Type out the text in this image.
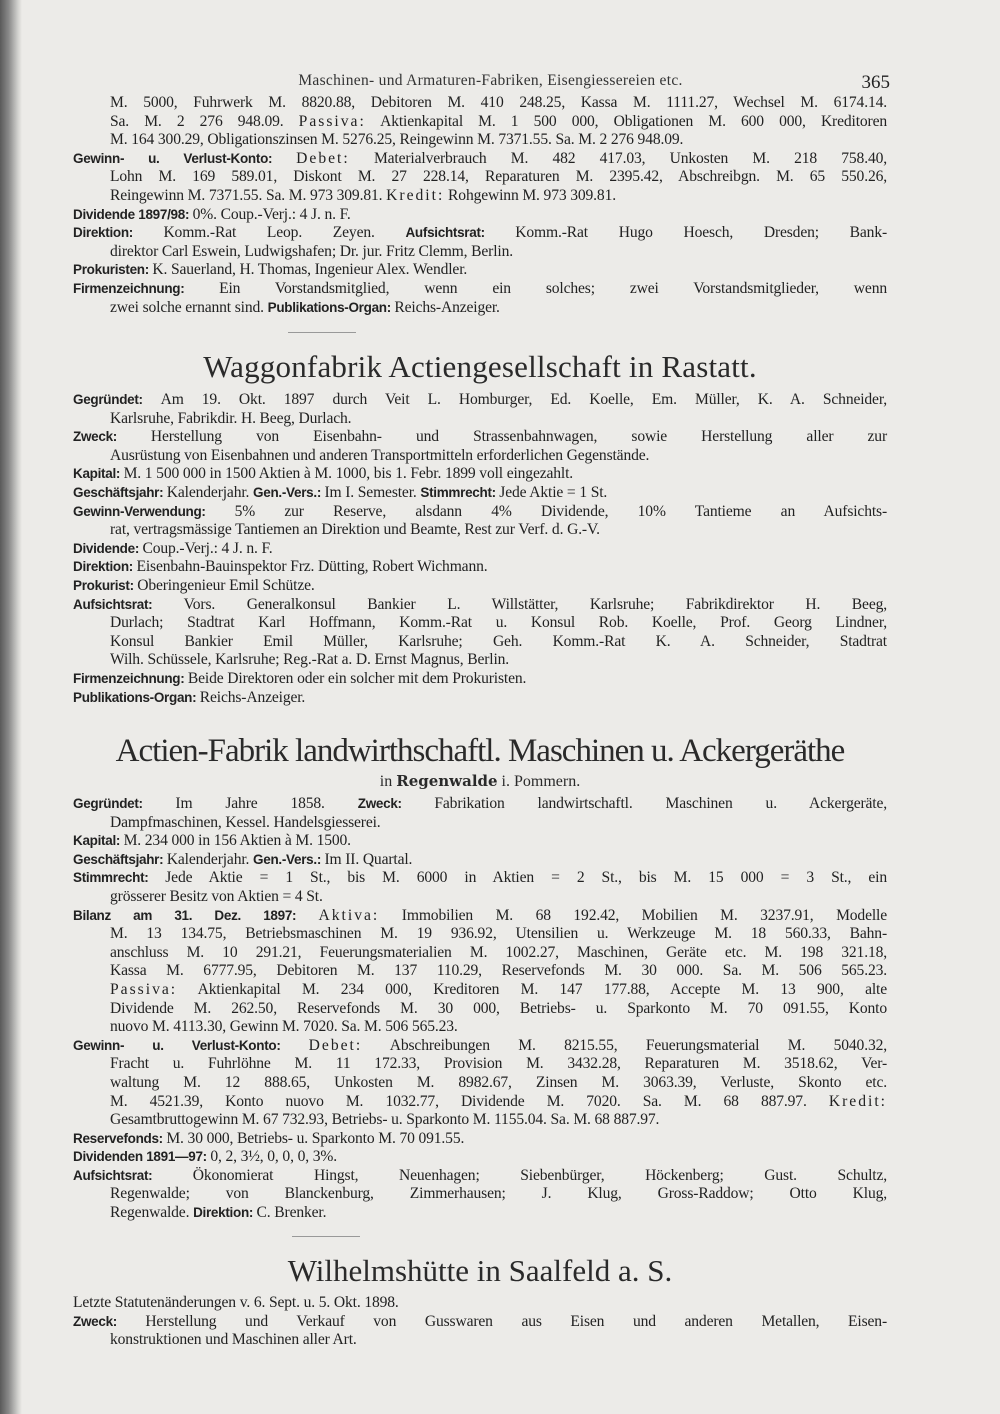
Maschinen- und Armaturen-Fabriken, Eisengiessereien etc.	365
M. 5000, Fuhrwerk M. 8820.88, Debitoren M. 410 248.25, Kassa M. 1111.27, Wechsel M. 6174.14.
Sa. M. 2 276 948.09. Passiva: Aktienkapital M. 1 500 000, Obligationen M. 600 000, Kreditoren
M. 164 300.29, Obligationszinsen M. 5276.25, Reingewinn M. 7371.55. Sa. M. 2 276 948.09.
Gewinn- u. Verlust-Konto: Debet: Materialverbrauch M. 482 417.03, Unkosten M. 218 758.40,
Lohn M. 169 589.01, Diskont M. 27 228.14, Reparaturen M. 2395.42, Abschreibgn. M. 65 550.26,
Reingewinn M. 7371.55. Sa. M. 973 309.81. Kredit: Rohgewinn M. 973 309.81.
Dividende 1897/98: 0%. Coup.-Verj.: 4 J. n. F.
Direktion: Komm.-Rat Leop. Zeyen. Aufsichtsrat: Komm.-Rat Hugo Hoesch, Dresden; Bank-
direktor Carl Eswein, Ludwigshafen; Dr. jur. Fritz Clemm, Berlin.
Prokuristen: K. Sauerland, H. Thomas, Ingenieur Alex. Wendler.
Firmenzeichnung: Ein Vorstandsmitglied, wenn ein solches; zwei Vorstandsmitglieder, wenn
zwei solche ernannt sind. Publikations-Organ: Reichs-Anzeiger.
Waggonfabrik Actiengesellschaft in Rastatt.
Gegründet: Am 19. Okt. 1897 durch Veit L. Homburger, Ed. Koelle, Em. Müller, K. A. Schneider,
Karlsruhe, Fabrikdir. H. Beeg, Durlach.
Zweck: Herstellung von Eisenbahn- und Strassenbahnwagen, sowie Herstellung aller zur
Ausrüstung von Eisenbahnen und anderen Transportmitteln erforderlichen Gegenstände.
Kapital: M. 1 500 000 in 1500 Aktien à M. 1000, bis 1. Febr. 1899 voll eingezahlt.
Geschäftsjahr: Kalenderjahr. Gen.-Vers.: Im I. Semester. Stimmrecht: Jede Aktie = 1 St.
Gewinn-Verwendung: 5% zur Reserve, alsdann 4% Dividende, 10% Tantieme an Aufsichts-
rat, vertragsmässige Tantiemen an Direktion und Beamte, Rest zur Verf. d. G.-V.
Dividende: Coup.-Verj.: 4 J. n. F.
Direktion: Eisenbahn-Bauinspektor Frz. Dütting, Robert Wichmann.
Prokurist: Oberingenieur Emil Schütze.
Aufsichtsrat: Vors. Generalkonsul Bankier L. Willstätter, Karlsruhe; Fabrikdirektor H. Beeg,
Durlach; Stadtrat Karl Hoffmann, Komm.-Rat u. Konsul Rob. Koelle, Prof. Georg Lindner,
Konsul Bankier Emil Müller, Karlsruhe; Geh. Komm.-Rat K. A. Schneider, Stadtrat
Wilh. Schüssele, Karlsruhe; Reg.-Rat a. D. Ernst Magnus, Berlin.
Firmenzeichnung: Beide Direktoren oder ein solcher mit dem Prokuristen.
Publikations-Organ: Reichs-Anzeiger.
Actien-Fabrik landwirthschaftl. Maschinen u. Ackergeräthe
in Regenwalde i. Pommern.
Gegründet: Im Jahre 1858. Zweck: Fabrikation landwirtschaftl. Maschinen u. Ackergeräte,
Dampfmaschinen, Kessel. Handelsgiesserei.
Kapital: M. 234 000 in 156 Aktien à M. 1500.
Geschäftsjahr: Kalenderjahr. Gen.-Vers.: Im II. Quartal.
Stimmrecht: Jede Aktie = 1 St., bis M. 6000 in Aktien = 2 St., bis M. 15 000 = 3 St., ein
grösserer Besitz von Aktien = 4 St.
Bilanz am 31. Dez. 1897: Aktiva: Immobilien M. 68 192.42, Mobilien M. 3237.91, Modelle
M. 13 134.75, Betriebsmaschinen M. 19 936.92, Utensilien u. Werkzeuge M. 18 560.33, Bahn-
anschluss M. 10 291.21, Feuerungsmaterialien M. 1002.27, Maschinen, Geräte etc. M. 198 321.18,
Kassa M. 6777.95, Debitoren M. 137 110.29, Reservefonds M. 30 000. Sa. M. 506 565.23.
Passiva: Aktienkapital M. 234 000, Kreditoren M. 147 177.88, Accepte M. 13 900, alte
Dividende M. 262.50, Reservefonds M. 30 000, Betriebs- u. Sparkonto M. 70 091.55, Konto
nuovo M. 4113.30, Gewinn M. 7020. Sa. M. 506 565.23.
Gewinn- u. Verlust-Konto: Debet: Abschreibungen M. 8215.55, Feuerungsmaterial M. 5040.32,
Fracht u. Fuhrlöhne M. 11 172.33, Provision M. 3432.28, Reparaturen M. 3518.62, Ver-
waltung M. 12 888.65, Unkosten M. 8982.67, Zinsen M. 3063.39, Verluste, Skonto etc.
M. 4521.39, Konto nuovo M. 1032.77, Dividende M. 7020. Sa. M. 68 887.97. Kredit:
Gesamtbruttogewinn M. 67 732.93, Betriebs- u. Sparkonto M. 1155.04. Sa. M. 68 887.97.
Reservefonds: M. 30 000, Betriebs- u. Sparkonto M. 70 091.55.
Dividenden 1891—97: 0, 2, 3½, 0, 0, 0, 3%.
Aufsichtsrat: Ökonomierat Hingst, Neuenhagen; Siebenbürger, Höckenberg; Gust. Schultz,
Regenwalde; von Blanckenburg, Zimmerhausen; J. Klug, Gross-Raddow; Otto Klug,
Regenwalde. Direktion: C. Brenker.
Wilhelmshütte in Saalfeld a. S.
Letzte Statutenänderungen v. 6. Sept. u. 5. Okt. 1898.
Zweck: Herstellung und Verkauf von Gusswaren aus Eisen und anderen Metallen, Eisen-
konstruktionen und Maschinen aller Art.
